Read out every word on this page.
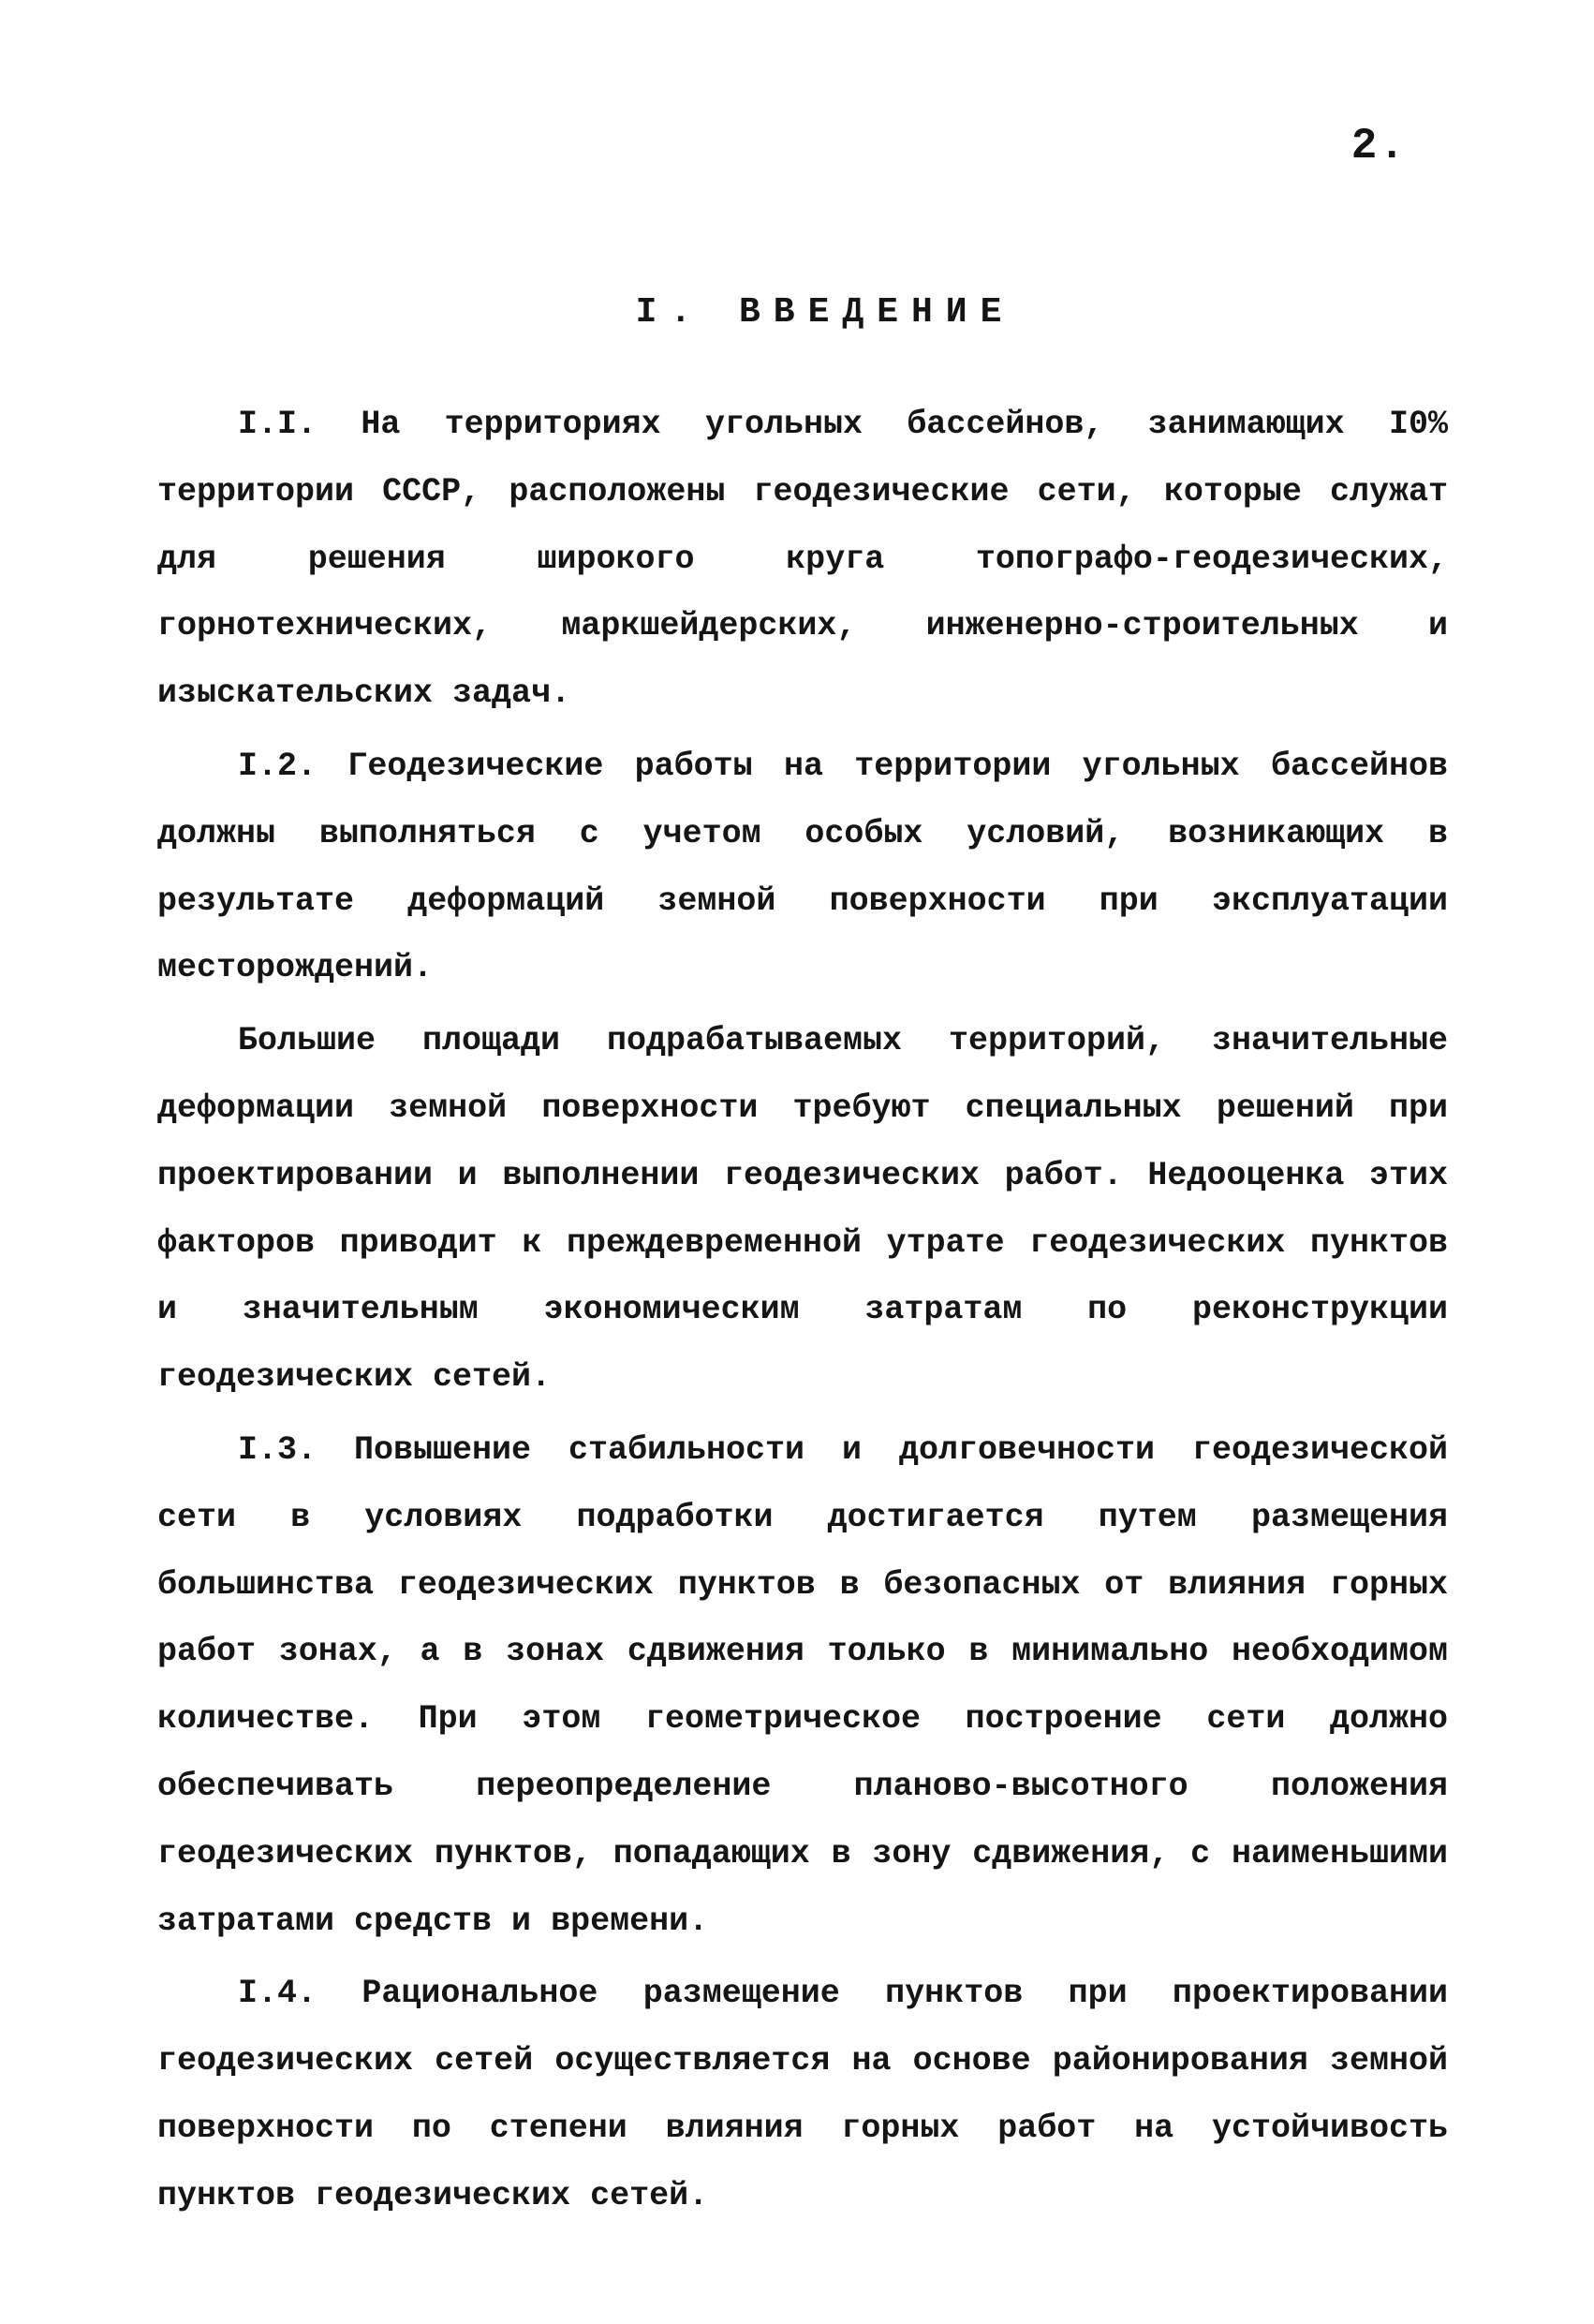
2.
I. ВВЕДЕНИЕ

I.I. На территориях угольных бассейнов, занимающих I0% территории СССР, расположены геодезические сети, которые служат для решения широкого круга топографо-геодезических, горнотехнических, маркшейдерских, инженерно-строительных и изыскательских задач.

I.2. Геодезические работы на территории угольных бассейнов должны выполняться с учетом особых условий, возникающих в результате деформаций земной поверхности при эксплуатации месторождений.

Большие площади подрабатываемых территорий, значительные деформации земной поверхности требуют специальных решений при проектировании и выполнении геодезических работ. Недооценка этих факторов приводит к преждевременной утрате геодезических пунктов и значительным экономическим затратам по реконструкции геодезических сетей.

I.3. Повышение стабильности и долговечности геодезической сети в условиях подработки достигается путем размещения большинства геодезических пунктов в безопасных от влияния горных работ зонах, а в зонах сдвижения только в минимально необходимом количестве. При этом геометрическое построение сети должно обеспечивать переопределение планово-высотного положения геодезических пунктов, попадающих в зону сдвижения, с наименьшими затратами средств и времени.

I.4. Рациональное размещение пунктов при проектировании геодезических сетей осуществляется на основе районирования земной поверхности по степени влияния горных работ на устойчивость пунктов геодезических сетей.
